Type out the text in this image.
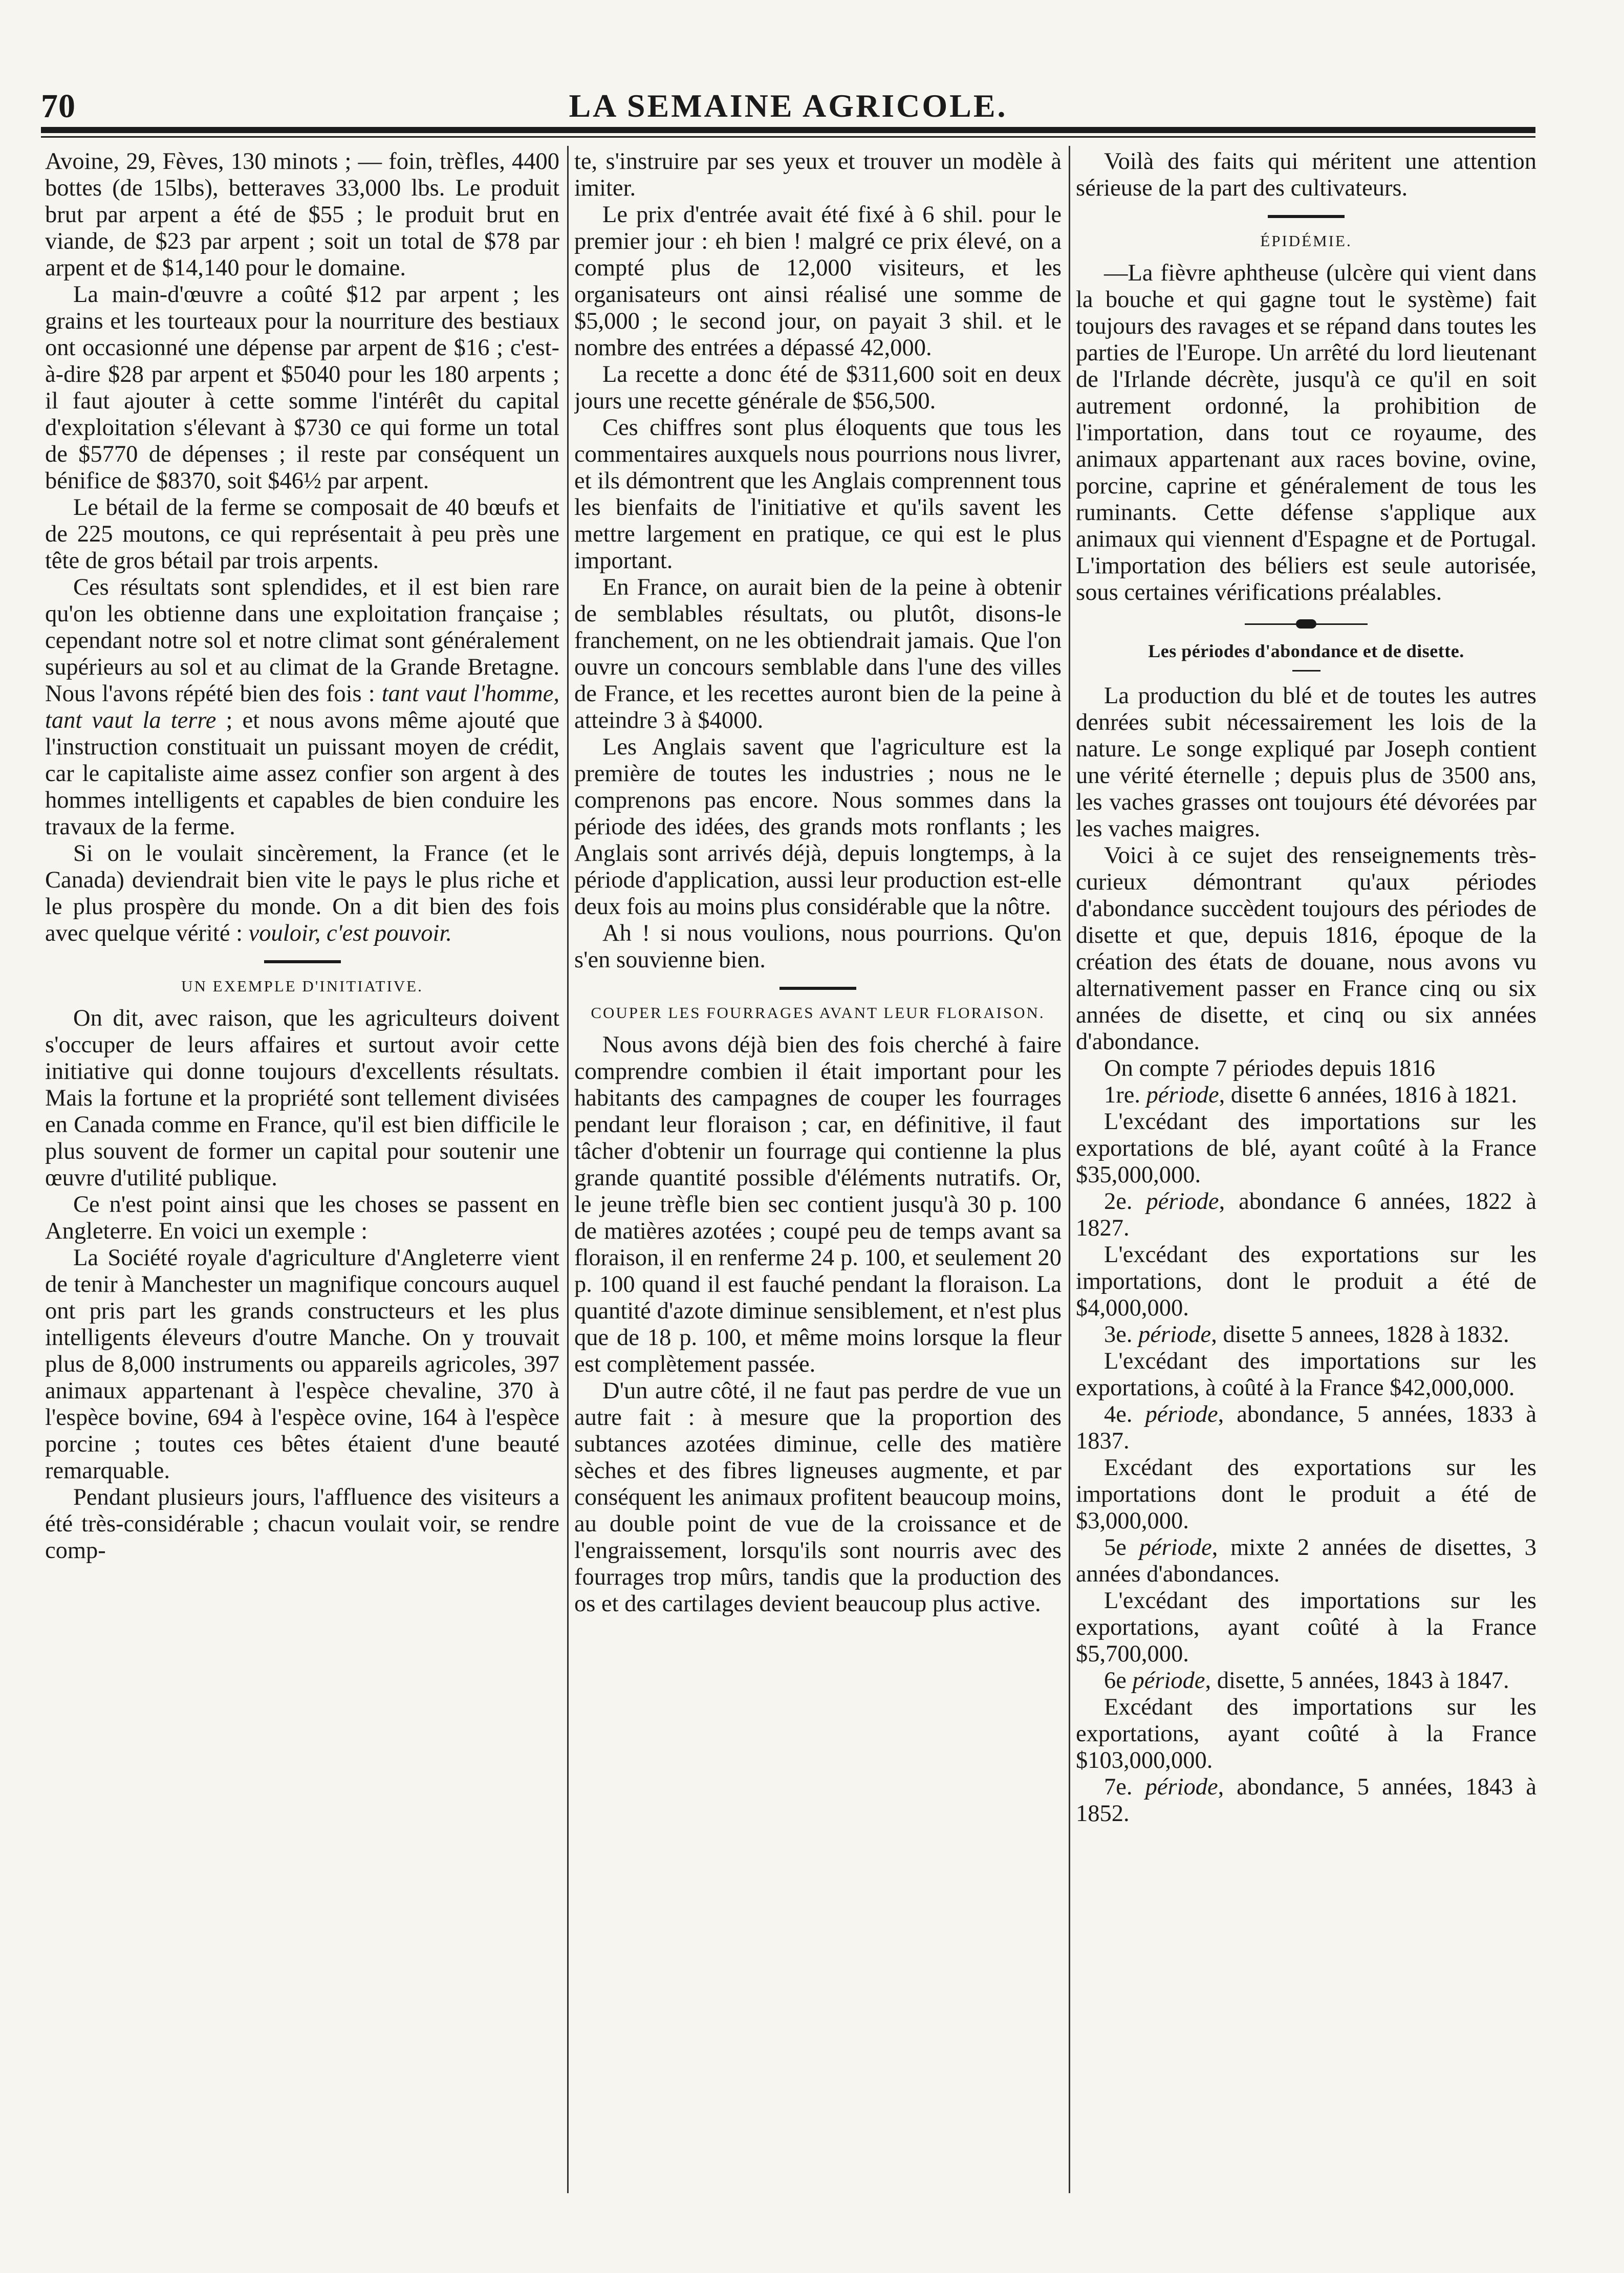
70	LA SEMAINE AGRICOLE.

Avoine, 29, Fèves, 130 minots ; — foin, trèfles, 4400 bottes (de 15lbs), betteraves 33,000 lbs. Le produit brut par arpent a été de $55 ; le produit brut en viande, de $23 par arpent ; soit un total de $78 par arpent et de $14,140 pour le domaine.

La main-d'œuvre a coûté $12 par arpent ; les grains et les tourteaux pour la nourriture des bestiaux ont occasionné une dépense par arpent de $16 ; c'est-à-dire $28 par arpent et $5040 pour les 180 arpents ; il faut ajouter à cette somme l'intérêt du capital d'exploitation s'élevant à $730 ce qui forme un total de $5770 de dépenses ; il reste par conséquent un bénifice de $8370, soit $46½ par arpent.

Le bétail de la ferme se composait de 40 bœufs et de 225 moutons, ce qui représentait à peu près une tête de gros bétail par trois arpents.

Ces résultats sont splendides, et il est bien rare qu'on les obtienne dans une exploitation française ; cependant notre sol et notre climat sont généralement supérieurs au sol et au climat de la Grande Bretagne. Nous l'avons répété bien des fois : tant vaut l'homme, tant vaut la terre ; et nous avons même ajouté que l'instruction constituait un puissant moyen de crédit, car le capitaliste aime assez confier son argent à des hommes intelligents et capables de bien conduire les travaux de la ferme.

Si on le voulait sincèrement, la France (et le Canada) deviendrait bien vite le pays le plus riche et le plus prospère du monde. On a dit bien des fois avec quelque vérité : vouloir, c'est pouvoir.

UN EXEMPLE D'INITIATIVE.

On dit, avec raison, que les agriculteurs doivent s'occuper de leurs affaires et surtout avoir cette initiative qui donne toujours d'excellents résultats. Mais la fortune et la propriété sont tellement divisées en Canada comme en France, qu'il est bien difficile le plus souvent de former un capital pour soutenir une œuvre d'utilité publique.

Ce n'est point ainsi que les choses se passent en Angleterre. En voici un exemple :

La Société royale d'agriculture d'Angleterre vient de tenir à Manchester un magnifique concours auquel ont pris part les grands constructeurs et les plus intelligents éleveurs d'outre Manche. On y trouvait plus de 8,000 instruments ou appareils agricoles, 397 animaux appartenant à l'espèce chevaline, 370 à l'espèce bovine, 694 à l'espèce ovine, 164 à l'espèce porcine ; toutes ces bêtes étaient d'une beauté remarquable.

Pendant plusieurs jours, l'affluence des visiteurs a été très-considérable ; chacun voulait voir, se rendre comp-

te, s'instruire par ses yeux et trouver un modèle à imiter.

Le prix d'entrée avait été fixé à 6 shil. pour le premier jour : eh bien ! malgré ce prix élevé, on a compté plus de 12,000 visiteurs, et les organisateurs ont ainsi réalisé une somme de $5,000 ; le second jour, on payait 3 shil. et le nombre des entrées a dépassé 42,000.

La recette a donc été de $311,600 soit en deux jours une recette générale de $56,500.

Ces chiffres sont plus éloquents que tous les commentaires auxquels nous pourrions nous livrer, et ils démontrent que les Anglais comprennent tous les bienfaits de l'initiative et qu'ils savent les mettre largement en pratique, ce qui est le plus important.

En France, on aurait bien de la peine à obtenir de semblables résultats, ou plutôt, disons-le franchement, on ne les obtiendrait jamais. Que l'on ouvre un concours semblable dans l'une des villes de France, et les recettes auront bien de la peine à atteindre 3 à $4000.

Les Anglais savent que l'agriculture est la première de toutes les industries ; nous ne le comprenons pas encore. Nous sommes dans la période des idées, des grands mots ronflants ; les Anglais sont arrivés déjà, depuis longtemps, à la période d'application, aussi leur production est-elle deux fois au moins plus considérable que la nôtre.

Ah ! si nous voulions, nous pourrions. Qu'on s'en souvienne bien.

COUPER LES FOURRAGES AVANT LEUR FLORAISON.

Nous avons déjà bien des fois cherché à faire comprendre combien il était important pour les habitants des campagnes de couper les fourrages pendant leur floraison ; car, en définitive, il faut tâcher d'obtenir un fourrage qui contienne la plus grande quantité possible d'éléments nutratifs. Or, le jeune trèfle bien sec contient jusqu'à 30 p. 100 de matières azotées ; coupé peu de temps avant sa floraison, il en renferme 24 p. 100, et seulement 20 p. 100 quand il est fauché pendant la floraison. La quantité d'azote diminue sensiblement, et n'est plus que de 18 p. 100, et même moins lorsque la fleur est complètement passée.

D'un autre côté, il ne faut pas perdre de vue un autre fait : à mesure que la proportion des subtances azotées diminue, celle des matière sèches et des fibres ligneuses augmente, et par conséquent les animaux profitent beaucoup moins, au double point de vue de la croissance et de l'engraissement, lorsqu'ils sont nourris avec des fourrages trop mûrs, tandis que la production des os et des cartilages devient beaucoup plus active.

Voilà des faits qui méritent une attention sérieuse de la part des cultivateurs.

ÉPIDÉMIE.

—La fièvre aphtheuse (ulcère qui vient dans la bouche et qui gagne tout le système) fait toujours des ravages et se répand dans toutes les parties de l'Europe. Un arrêté du lord lieutenant de l'Irlande décrète, jusqu'à ce qu'il en soit autrement ordonné, la prohibition de l'importation, dans tout ce royaume, des animaux appartenant aux races bovine, ovine, porcine, caprine et généralement de tous les ruminants. Cette défense s'applique aux animaux qui viennent d'Espagne et de Portugal. L'importation des béliers est seule autorisée, sous certaines vérifications préalables.

Les périodes d'abondance et de disette.

La production du blé et de toutes les autres denrées subit nécessairement les lois de la nature. Le songe expliqué par Joseph contient une vérité éternelle ; depuis plus de 3500 ans, les vaches grasses ont toujours été dévorées par les vaches maigres.

Voici à ce sujet des renseignements très-curieux démontrant qu'aux périodes d'abondance succèdent toujours des périodes de disette et que, depuis 1816, époque de la création des états de douane, nous avons vu alternativement passer en France cinq ou six années de disette, et cinq ou six années d'abondance.

On compte 7 périodes depuis 1816

1re. période, disette 6 années, 1816 à 1821.

L'excédant des importations sur les exportations de blé, ayant coûté à la France $35,000,000.

2e. période, abondance 6 années, 1822 à 1827.

L'excédant des exportations sur les importations, dont le produit a été de $4,000,000.

3e. période, disette 5 annees, 1828 à 1832.

L'excédant des importations sur les exportations, à coûté à la France $42,000,000.

4e. période, abondance, 5 années, 1833 à 1837.

Excédant des exportations sur les importations dont le produit a été de $3,000,000.

5e période, mixte 2 années de disettes, 3 années d'abondances.

L'excédant des importations sur les exportations, ayant coûté à la France $5,700,000.

6e période, disette, 5 années, 1843 à 1847.

Excédant des importations sur les exportations, ayant coûté à la France $103,000,000.

7e. période, abondance, 5 années, 1843 à 1852.
